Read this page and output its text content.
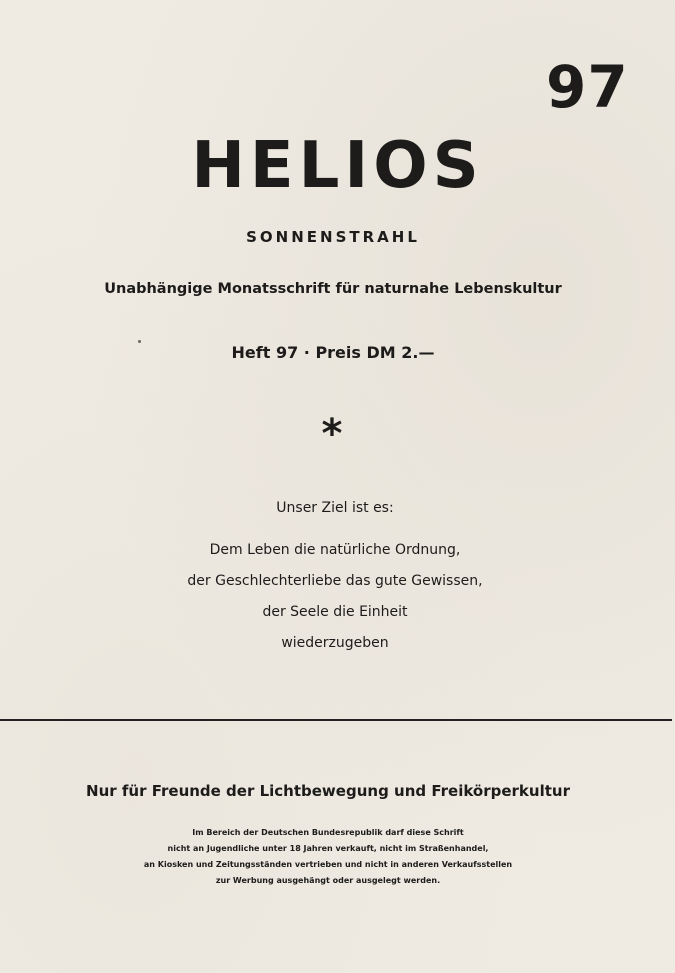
97
HELIOS
SONNENSTRAHL
Unabhängige Monatsschrift für naturnahe Lebenskultur
Heft 97 · Preis DM 2.—
*
Unser Ziel ist es:
Dem Leben die natürliche Ordnung,
der Geschlechterliebe das gute Gewissen,
der Seele die Einheit
wiederzugeben
Nur für Freunde der Lichtbewegung und Freikörperkultur
Im Bereich der Deutschen Bundesrepublik darf diese Schrift
nicht an Jugendliche unter 18 Jahren verkauft, nicht im Straßenhandel,
an Kiosken und Zeitungsständen vertrieben und nicht in anderen Verkaufsstellen
zur Werbung ausgehängt oder ausgelegt werden.
